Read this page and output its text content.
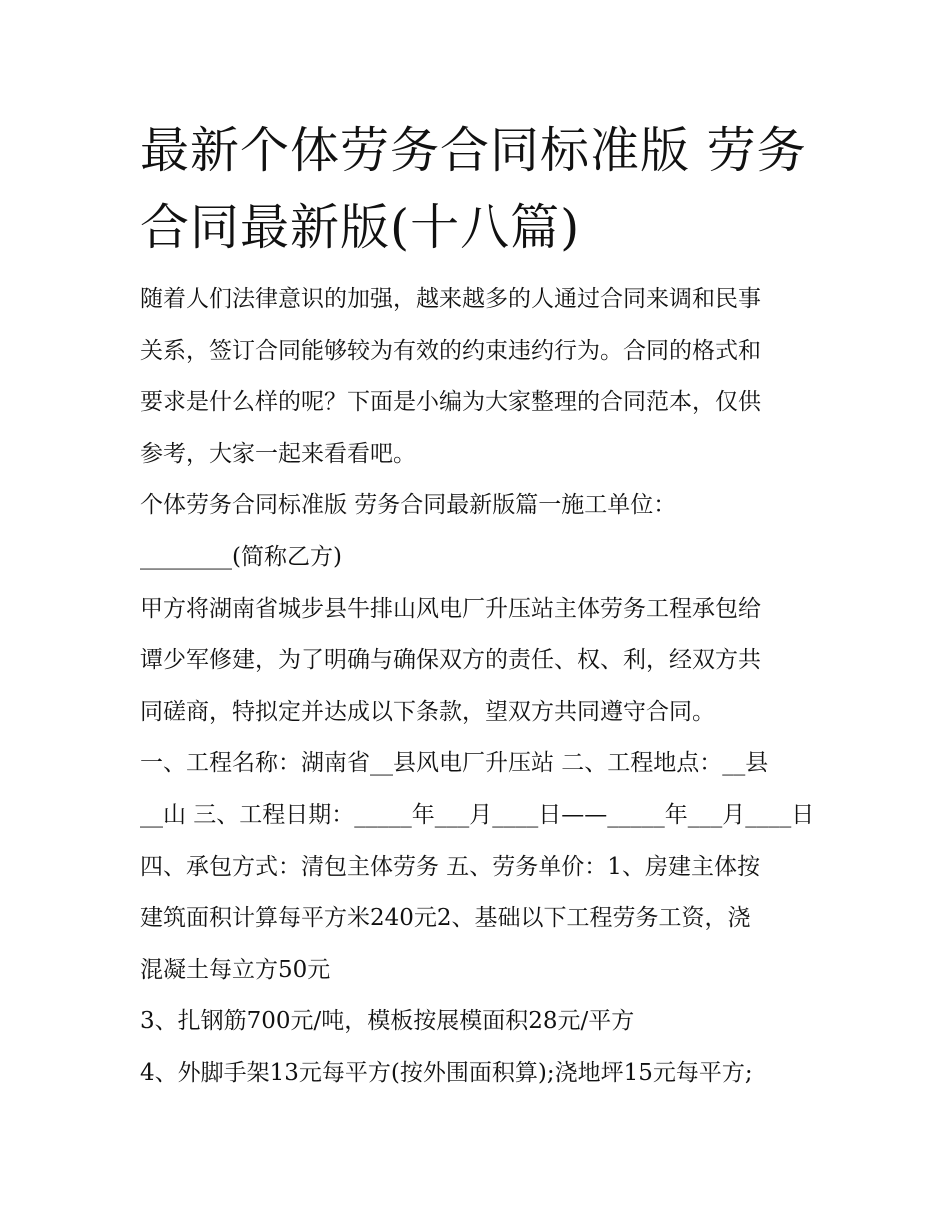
最新个体劳务合同标准版 劳务
合同最新版(十八篇)

随着人们法律意识的加强，越来越多的人通过合同来调和民事

关系，签订合同能够较为有效的约束违约行为。合同的格式和

要求是什么样的呢？下面是小编为大家整理的合同范本，仅供

参考，大家一起来看看吧。

个体劳务合同标准版 劳务合同最新版篇一施工单位：

________(简称乙方)

甲方将湖南省城步县牛排山风电厂升压站主体劳务工程承包给

谭少军修建，为了明确与确保双方的责任、权、利，经双方共

同磋商，特拟定并达成以下条款，望双方共同遵守合同。

一、工程名称：湖南省__县风电厂升压站 二、工程地点：__县

__山 三、工程日期：_____年___月____日——_____年___月____日

四、承包方式：清包主体劳务 五、劳务单价：1、房建主体按

建筑面积计算每平方米240元2、基础以下工程劳务工资，浇

混凝土每立方50元

3、扎钢筋700元/吨，模板按展模面积28元/平方

4、外脚手架13元每平方(按外围面积算);浇地坪15元每平方;
